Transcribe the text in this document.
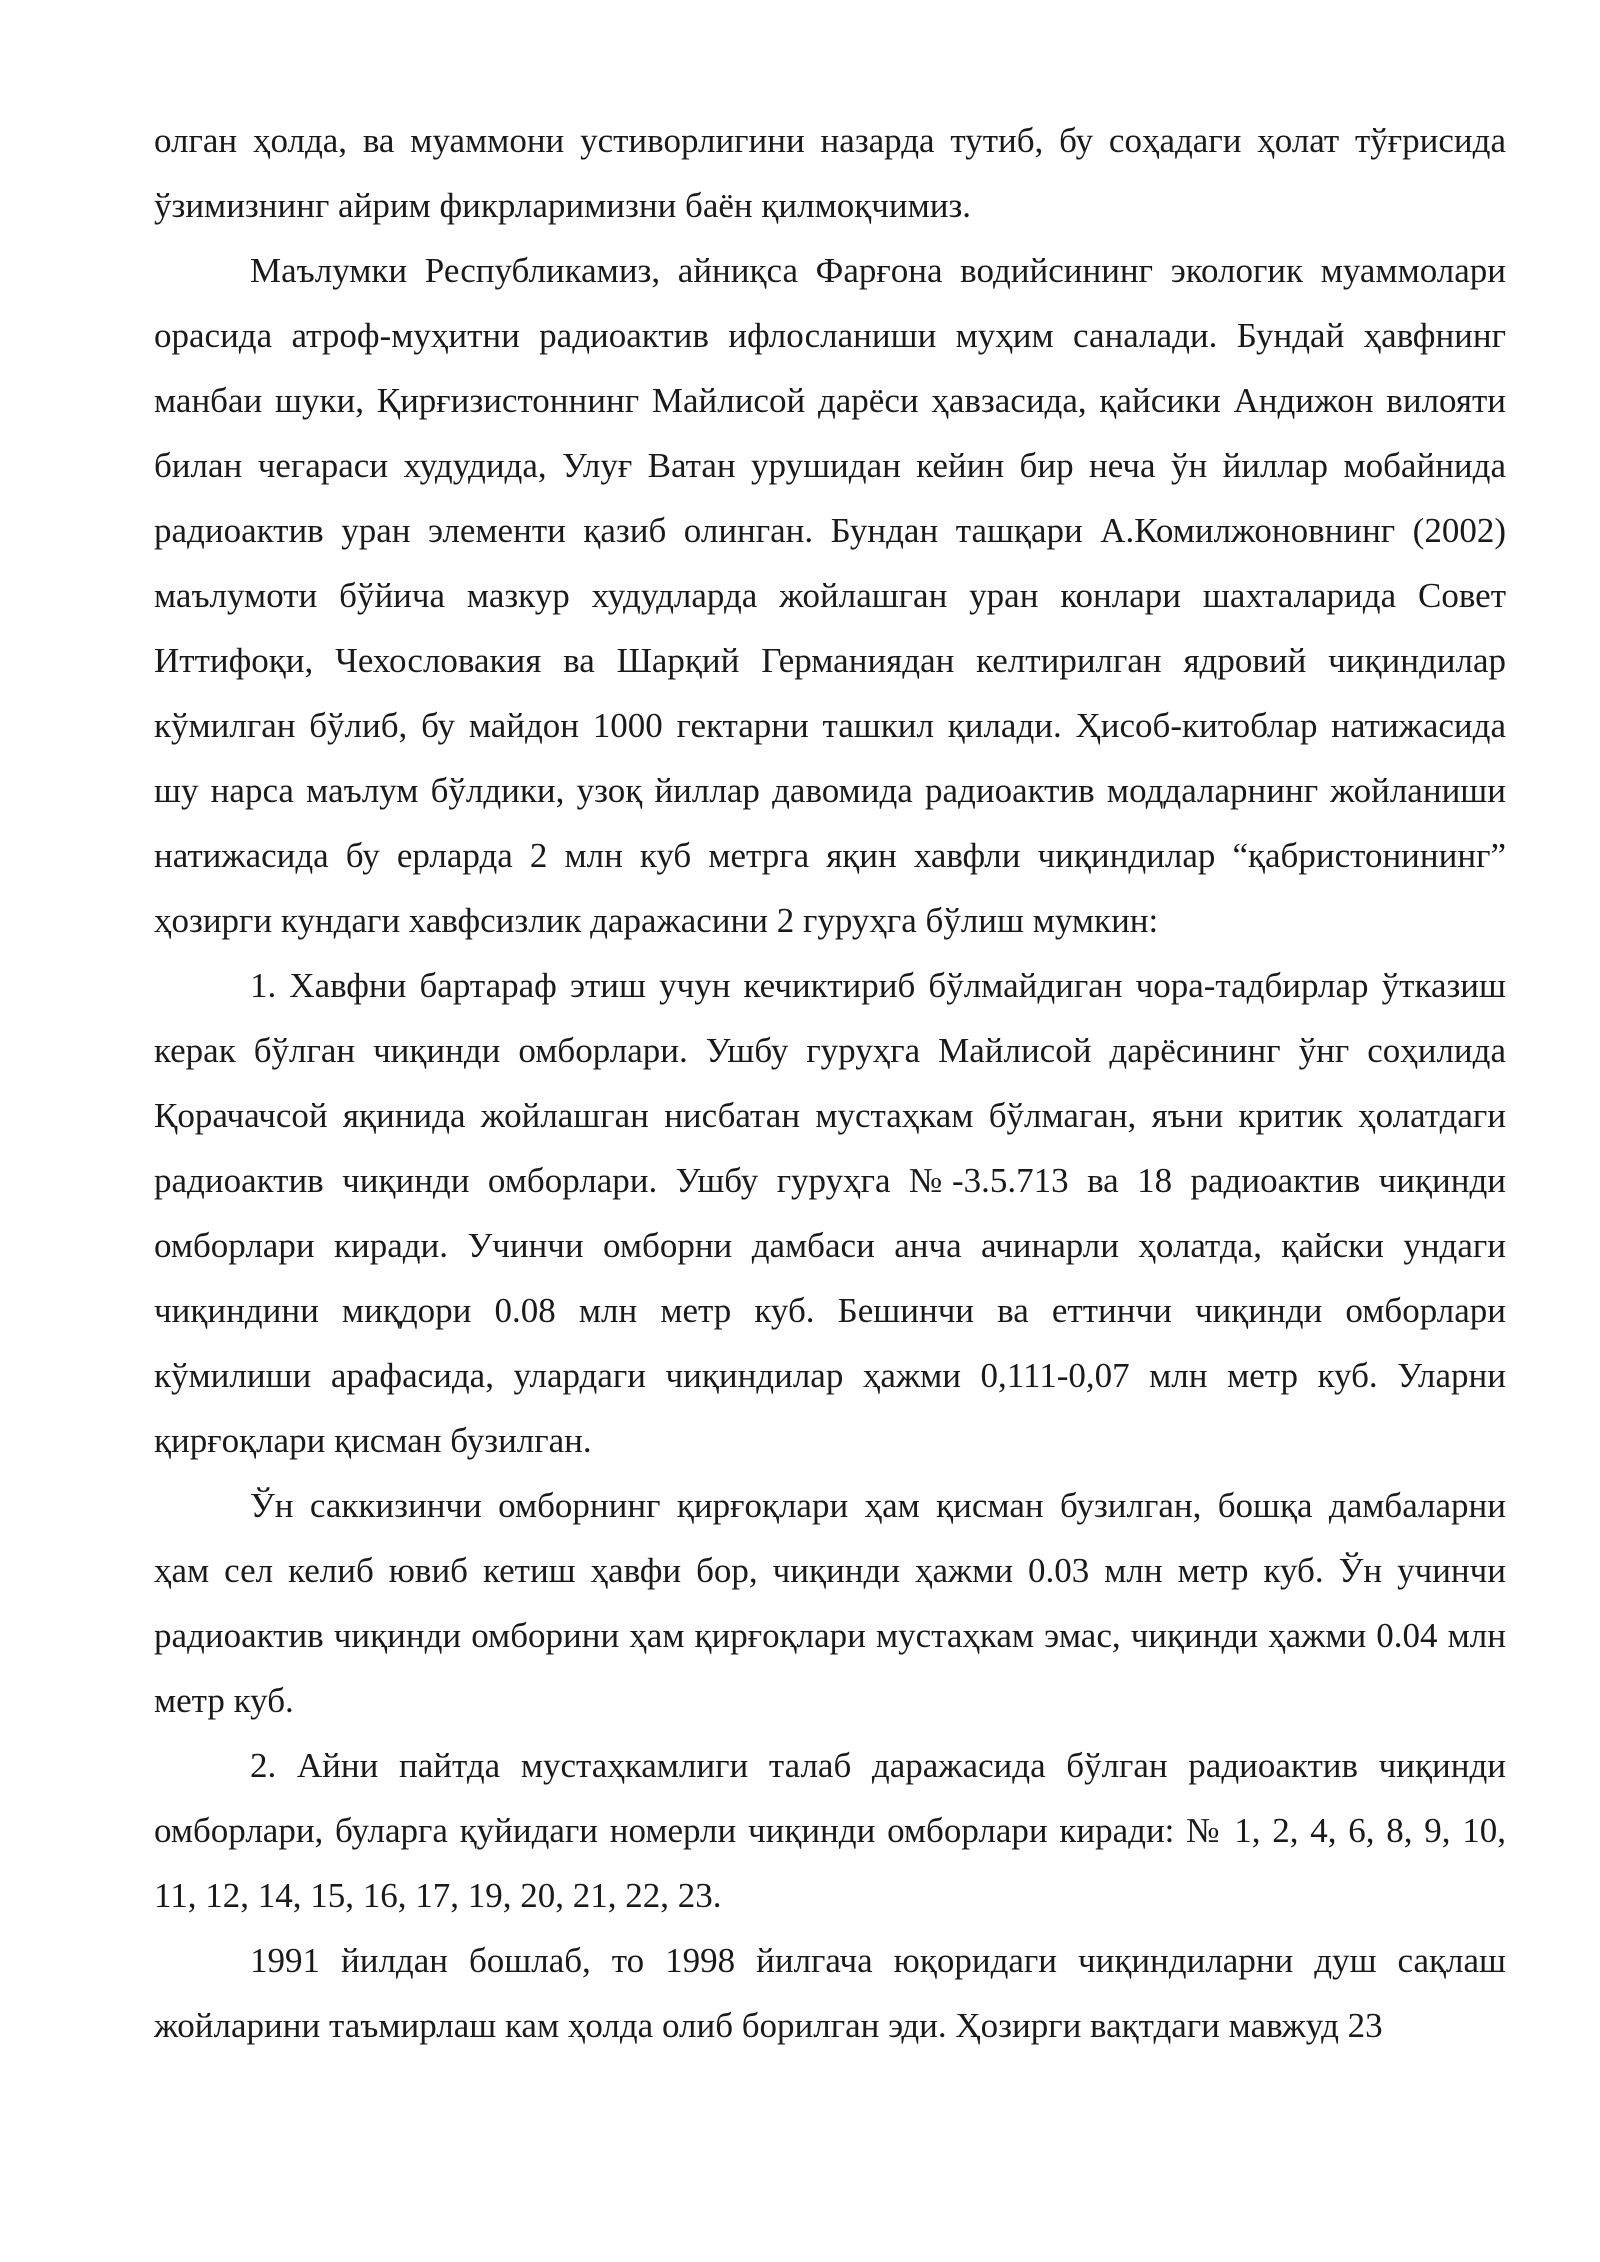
олган ҳолда, ва муаммони устиворлигини назарда тутиб, бу соҳадаги ҳолат тўғрисида ўзимизнинг айрим фикрларимизни баён қилмоқчимиз.

Маълумки Республикамиз, айниқса Фарғона водийсининг экологик муаммолари орасида атроф-муҳитни радиоактив ифлосланиши муҳим саналади. Бундай ҳавфнинг манбаи шуки, Қирғизистоннинг Майлисой дарёси ҳавзасида, қайсики Андижон вилояти билан чегараси худудида, Улуғ Ватан урушидан кейин бир неча ўн йиллар мобайнида радиоактив уран элементи қазиб олинган. Бундан ташқари А.Комилжоновнинг (2002) маълумоти бўйича мазкур худудларда жойлашган уран конлари шахталарида Совет Иттифоқи, Чехословакия ва Шарқий Германиядан келтирилган ядровий чиқиндилар кўмилган бўлиб, бу майдон 1000 гектарни ташкил қилади. Ҳисоб-китоблар натижасида шу нарса маълум бўлдики, узоқ йиллар давомида радиоактив моддаларнинг жойланиши натижасида бу ерларда 2 млн куб метрга яқин хавфли чиқиндилар “қабристонининг” ҳозирги кундаги хавфсизлик даражасини 2 гуруҳга бўлиш мумкин:

1. Хавфни бартараф этиш учун кечиктириб бўлмайдиган чора-тадбирлар ўтказиш керак бўлган чиқинди омборлари. Ушбу гуруҳга Майлисой дарёсининг ўнг соҳилида Қорачачсой яқинида жойлашган нисбатан мустаҳкам бўлмаган, яъни критик ҳолатдаги радиоактив чиқинди омборлари. Ушбу гуруҳга №-3.5.713 ва 18 радиоактив чиқинди омборлари киради. Учинчи омборни дамбаси анча ачинарли ҳолатда, қайски ундаги чиқиндини миқдори 0.08 млн метр куб. Бешинчи ва еттинчи чиқинди омборлари кўмилиши арафасида, улардаги чиқиндилар ҳажми 0,111-0,07 млн метр куб. Уларни қирғоқлари қисман бузилган.

Ўн саккизинчи омборнинг қирғоқлари ҳам қисман бузилган, бошқа дамбаларни ҳам сел келиб ювиб кетиш ҳавфи бор, чиқинди ҳажми 0.03 млн метр куб. Ўн учинчи радиоактив чиқинди омборини ҳам қирғоқлари мустаҳкам эмас, чиқинди ҳажми 0.04 млн метр куб.

2. Айни пайтда мустаҳкамлиги талаб даражасида бўлган радиоактив чиқинди омборлари, буларга қуйидаги номерли чиқинди омборлари киради: № 1, 2, 4, 6, 8, 9, 10, 11, 12, 14, 15, 16, 17, 19, 20, 21, 22, 23.

1991 йилдан бошлаб, то 1998 йилгача юқоридаги чиқиндиларни душ сақлаш жойларини таъмирлаш кам ҳолда олиб борилган эди. Ҳозирги вақтдаги мавжуд 23
